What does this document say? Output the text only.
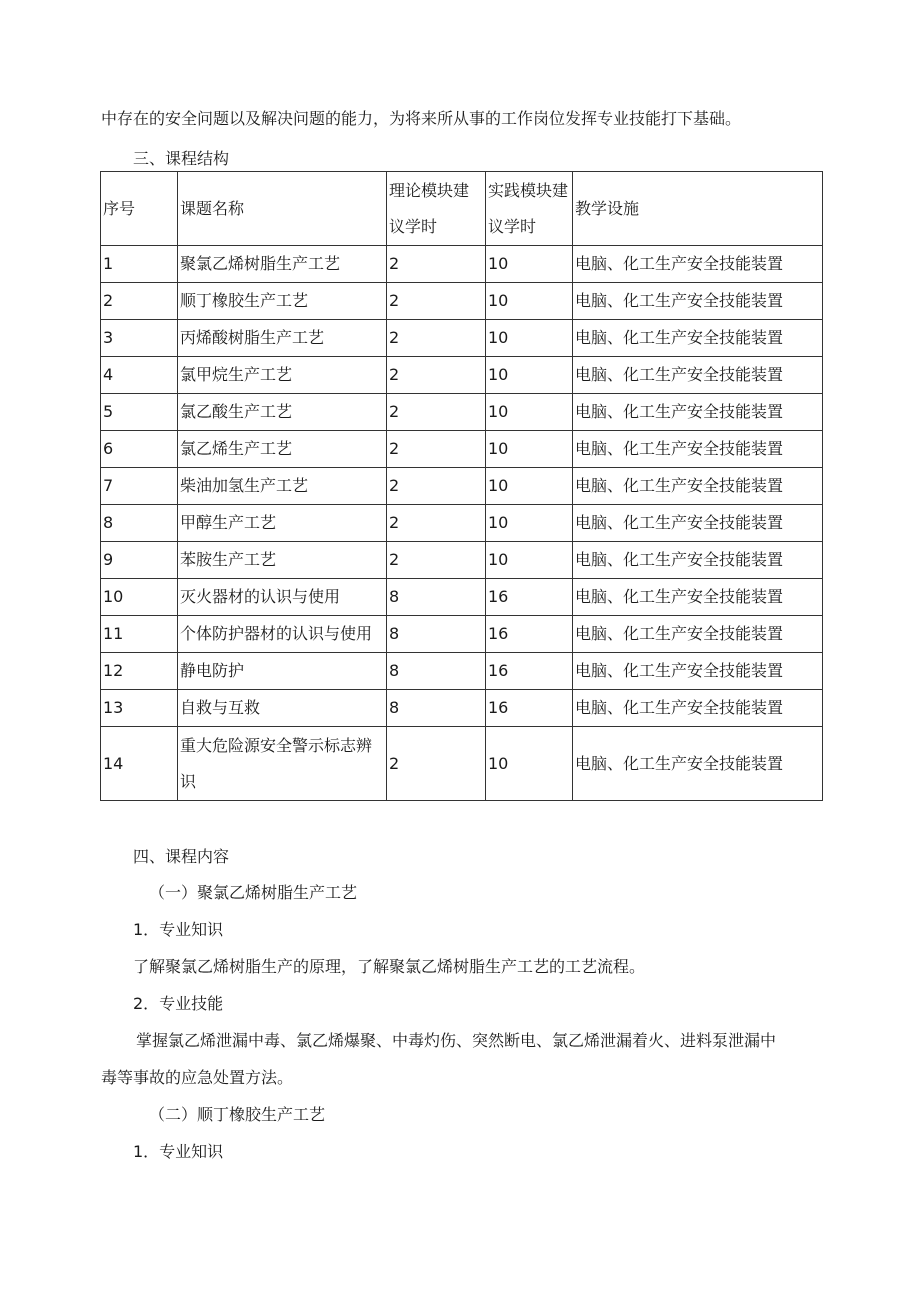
中存在的安全问题以及解决问题的能力，为将来所从事的工作岗位发挥专业技能打下基础。
三、课程结构
序号	课题名称	理论模块建议学时	实践模块建议学时	教学设施
1	聚氯乙烯树脂生产工艺	2	10	电脑、化工生产安全技能装置
2	顺丁橡胶生产工艺	2	10	电脑、化工生产安全技能装置
3	丙烯酸树脂生产工艺	2	10	电脑、化工生产安全技能装置
4	氯甲烷生产工艺	2	10	电脑、化工生产安全技能装置
5	氯乙酸生产工艺	2	10	电脑、化工生产安全技能装置
6	氯乙烯生产工艺	2	10	电脑、化工生产安全技能装置
7	柴油加氢生产工艺	2	10	电脑、化工生产安全技能装置
8	甲醇生产工艺	2	10	电脑、化工生产安全技能装置
9	苯胺生产工艺	2	10	电脑、化工生产安全技能装置
10	灭火器材的认识与使用	8	16	电脑、化工生产安全技能装置
11	个体防护器材的认识与使用	8	16	电脑、化工生产安全技能装置
12	静电防护	8	16	电脑、化工生产安全技能装置
13	自救与互救	8	16	电脑、化工生产安全技能装置
14	重大危险源安全警示标志辨识	2	10	电脑、化工生产安全技能装置
四、课程内容
（一）聚氯乙烯树脂生产工艺
1．专业知识
了解聚氯乙烯树脂生产的原理，了解聚氯乙烯树脂生产工艺的工艺流程。
2．专业技能
掌握氯乙烯泄漏中毒、氯乙烯爆聚、中毒灼伤、突然断电、氯乙烯泄漏着火、进料泵泄漏中
毒等事故的应急处置方法。
（二）顺丁橡胶生产工艺
1．专业知识
